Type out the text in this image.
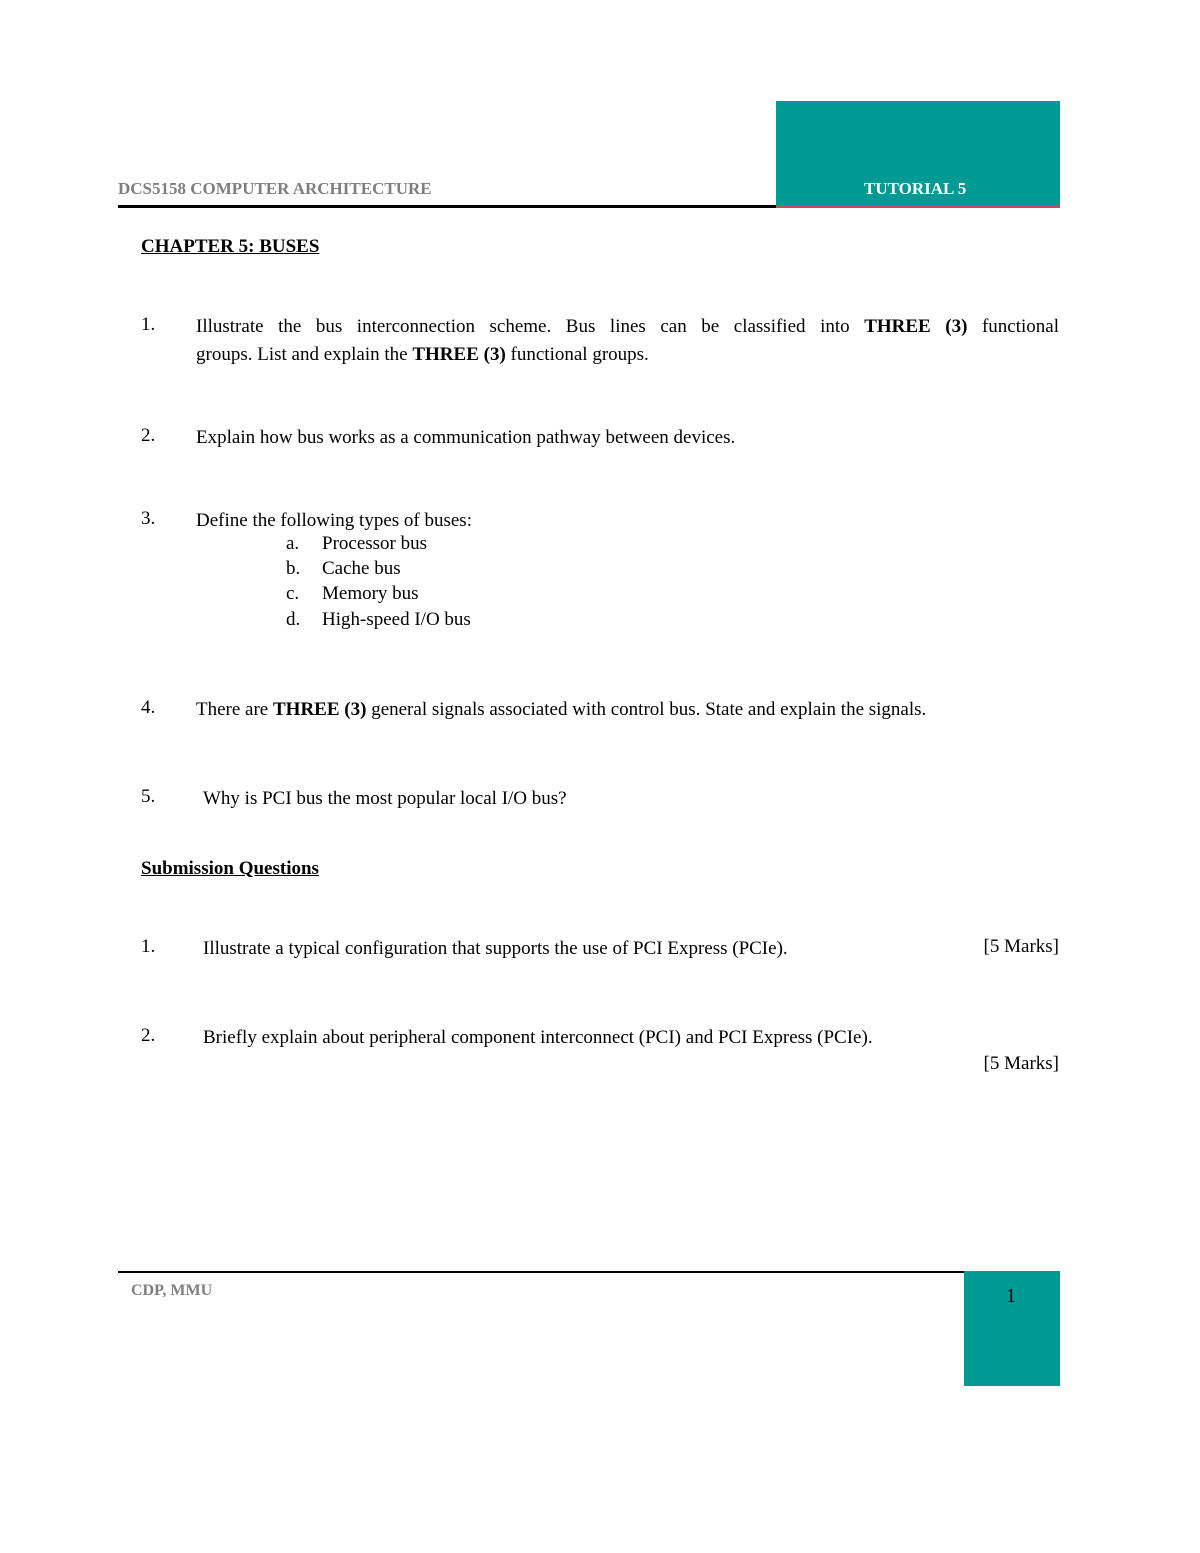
DCS5158 COMPUTER ARCHITECTURE	TUTORIAL 5
CHAPTER 5: BUSES
1. Illustrate the bus interconnection scheme. Bus lines can be classified into THREE (3) functional
groups. List and explain the THREE (3) functional groups.
2. Explain how bus works as a communication pathway between devices.
3. Define the following types of buses:
a. Processor bus
b. Cache bus
c. Memory bus
d. High-speed I/O bus
4. There are THREE (3) general signals associated with control bus. State and explain the signals.
5.	Why is PCI bus the most popular local I/O bus?
Submission Questions
1.	Illustrate a typical configuration that supports the use of PCI Express (PCIe).	[5 Marks]
2.	Briefly explain about peripheral component interconnect (PCI) and PCI Express (PCIe).
[5 Marks]
CDP, MMU	1
